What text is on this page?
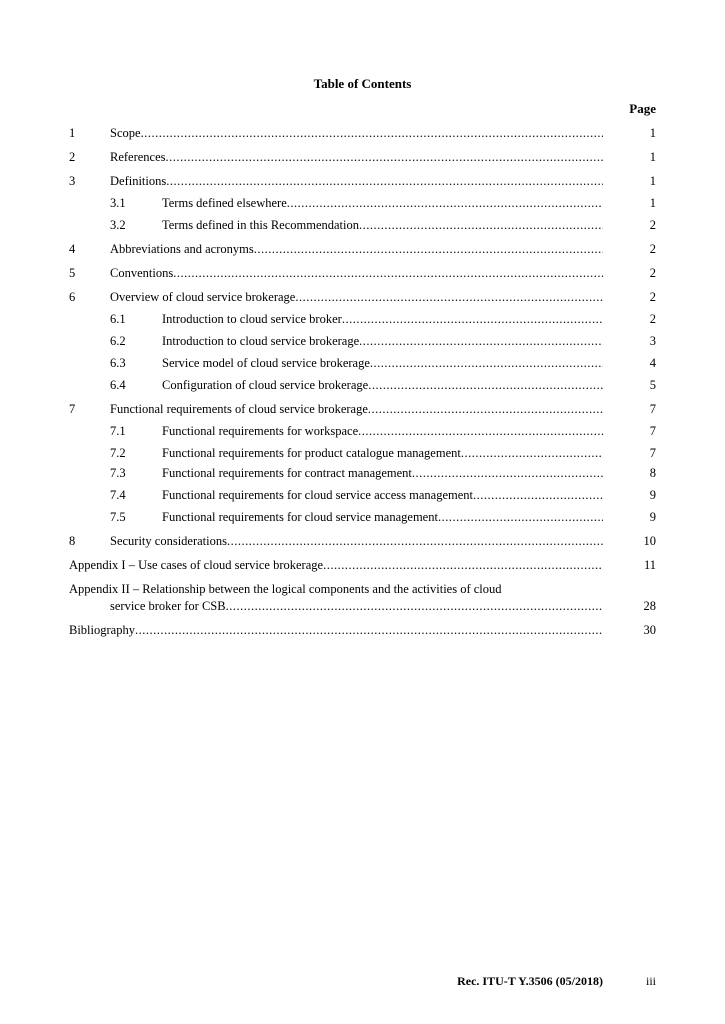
Table of Contents
Page
1	Scope .....	1
2	References .....	1
3	Definitions .....	1
3.1	Terms defined elsewhere .....	1
3.2	Terms defined in this Recommendation .....	2
4	Abbreviations and acronyms .....	2
5	Conventions .....	2
6	Overview of cloud service brokerage .....	2
6.1	Introduction to cloud service broker .....	2
6.2	Introduction to cloud service brokerage .....	3
6.3	Service model of cloud service brokerage .....	4
6.4	Configuration of cloud service brokerage .....	5
7	Functional requirements of cloud service brokerage .....	7
7.1	Functional requirements for workspace .....	7
7.2	Functional requirements for product catalogue management .....	7
7.3	Functional requirements for contract management .....	8
7.4	Functional requirements for cloud service access management .....	9
7.5	Functional requirements for cloud service management .....	9
8	Security considerations .....	10
Appendix I – Use cases of cloud service brokerage .....	11
Appendix II – Relationship between the logical components and the activities of cloud
service broker for CSB .....	28
Bibliography .....	30
Rec. ITU-T Y.3506 (05/2018)	iii
